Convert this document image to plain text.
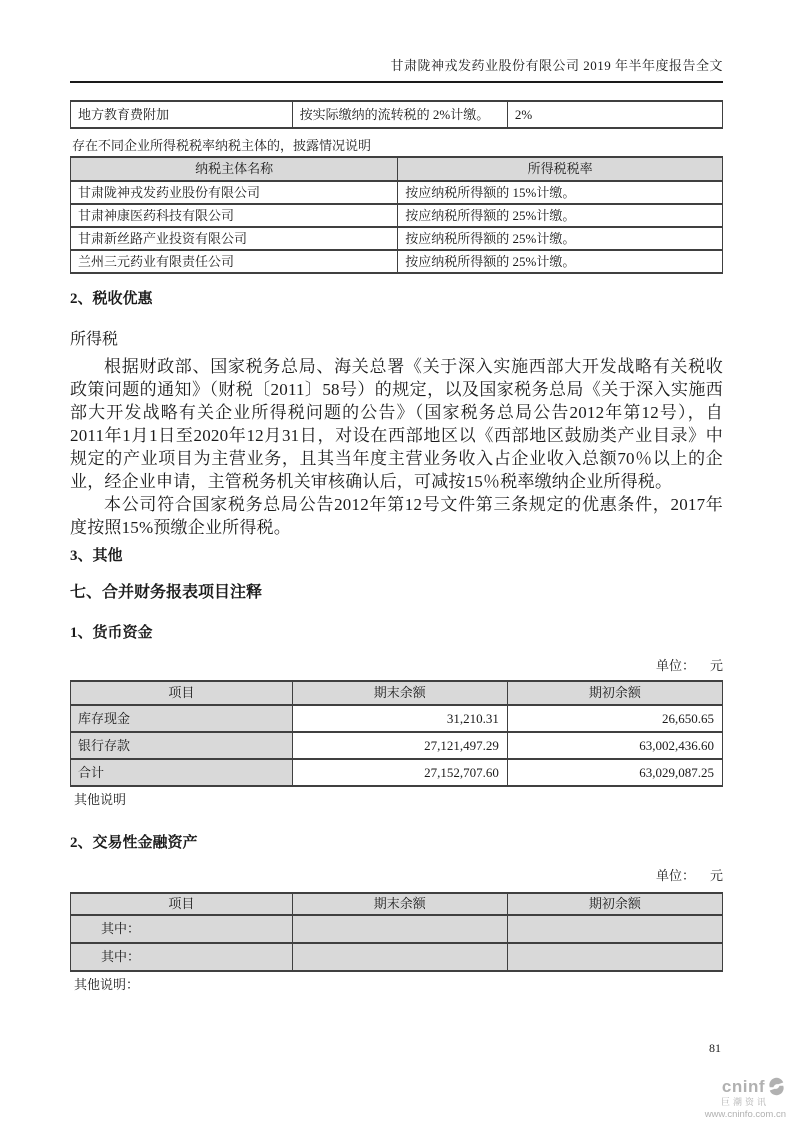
甘肃陇神戎发药业股份有限公司 2019 年半年度报告全文
地方教育费附加	按实际缴纳的流转税的 2%计缴。	2%

存在不同企业所得税税率纳税主体的，披露情况说明

纳税主体名称	所得税税率
甘肃陇神戎发药业股份有限公司	按应纳税所得额的 15%计缴。
甘肃神康医药科技有限公司	按应纳税所得额的 25%计缴。
甘肃新丝路产业投资有限公司	按应纳税所得额的 25%计缴。
兰州三元药业有限责任公司	按应纳税所得额的 25%计缴。
2、税收优惠

所得税

根据财政部、国家税务总局、海关总署《关于深入实施西部大开发战略有关税收政策问题的通知》（财税〔2011〕58号）的规定，以及国家税务总局《关于深入实施西部大开发战略有关企业所得税问题的公告》（国家税务总局公告2012年第12号），自2011年1月1日至2020年12月31日，对设在西部地区以《西部地区鼓励类产业目录》中规定的产业项目为主营业务，且其当年度主营业务收入占企业收入总额70％以上的企业，经企业申请，主管税务机关审核确认后，可减按15％税率缴纳企业所得税。

本公司符合国家税务总局公告2012年第12号文件第三条规定的优惠条件，2017年度按照15%预缴企业所得税。

3、其他
七、合并财务报表项目注释
1、货币资金
单位： 元
项目	期末余额	期初余额
库存现金	31,210.31	26,650.65
银行存款	27,121,497.29	63,002,436.60
合计	27,152,707.60	63,029,087.25

其他说明

2、交易性金融资产
单位： 元
项目	期末余额	期初余额
其中：		
其中：		

其他说明：

81
cninf
巨潮资讯
www.cninfo.com.cn
